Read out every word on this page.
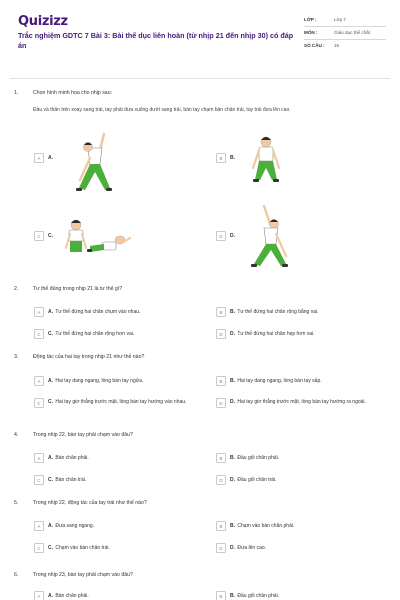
Quizizz
Trắc nghiệm GDTC 7 Bài 3: Bài thể dục liên hoàn (từ nhịp 21 đến nhịp 30) có đáp án
LỚP :	Lớp 7
MÔN :	Giáo dục thể chất
SỐ CÂU :	15
1.	Chọn hình minh họa cho nhịp sau:
Đầu và thân trên xoay sang trái, tay phải đưa xuống dưới sang trái, bàn tay chạm bàn chân trái, tay trái đưa lên cao.
A	A.	B	B.
C	C.	D	D.
2.	Tư thế đúng trong nhịp 21 là tư thế gì?
A	A. Tư thế đứng hai chân chụm vào nhau.	B	B. Tư thế đứng hai chân rộng bằng vai.
C	C. Tư thế đứng hai chân rộng hơn vai.	D	D. Tư thế đứng hai chân hẹp hơn vai.
3.	Động tác của hai tay trong nhịp 21 như thế nào?
A	A. Hai tay dang ngang, lòng bàn tay ngửa.	B	B. Hai tay dang ngang, lòng bàn tay sấp.
C	C. Hai tay giơ thẳng trước mặt, lòng bàn tay hướng vào nhau.	D	D. Hai tay giơ thẳng trước mặt, lòng bàn tay hướng ra ngoài.
4.	Trong nhịp 22, bàn tay phải chạm vào đâu?
A	A. Bàn chân phải.	B	B. Đầu gối chân phải.
C	C. Bàn chân trái.	D	D. Đầu gối chân trái.
5.	Trong nhịp 22, động tác của tay trái như thế nào?
A	A. Đưa sang ngang.	B	B. Chạm vào bàn chân phải.
C	C. Chạm vào bàn chân trái.	D	D. Đưa lên cao.
6.	Trong nhịp 23, bàn tay phải chạm vào đâu?
A	A. Bàn chân phải.	B	B. Đầu gối chân phải.
